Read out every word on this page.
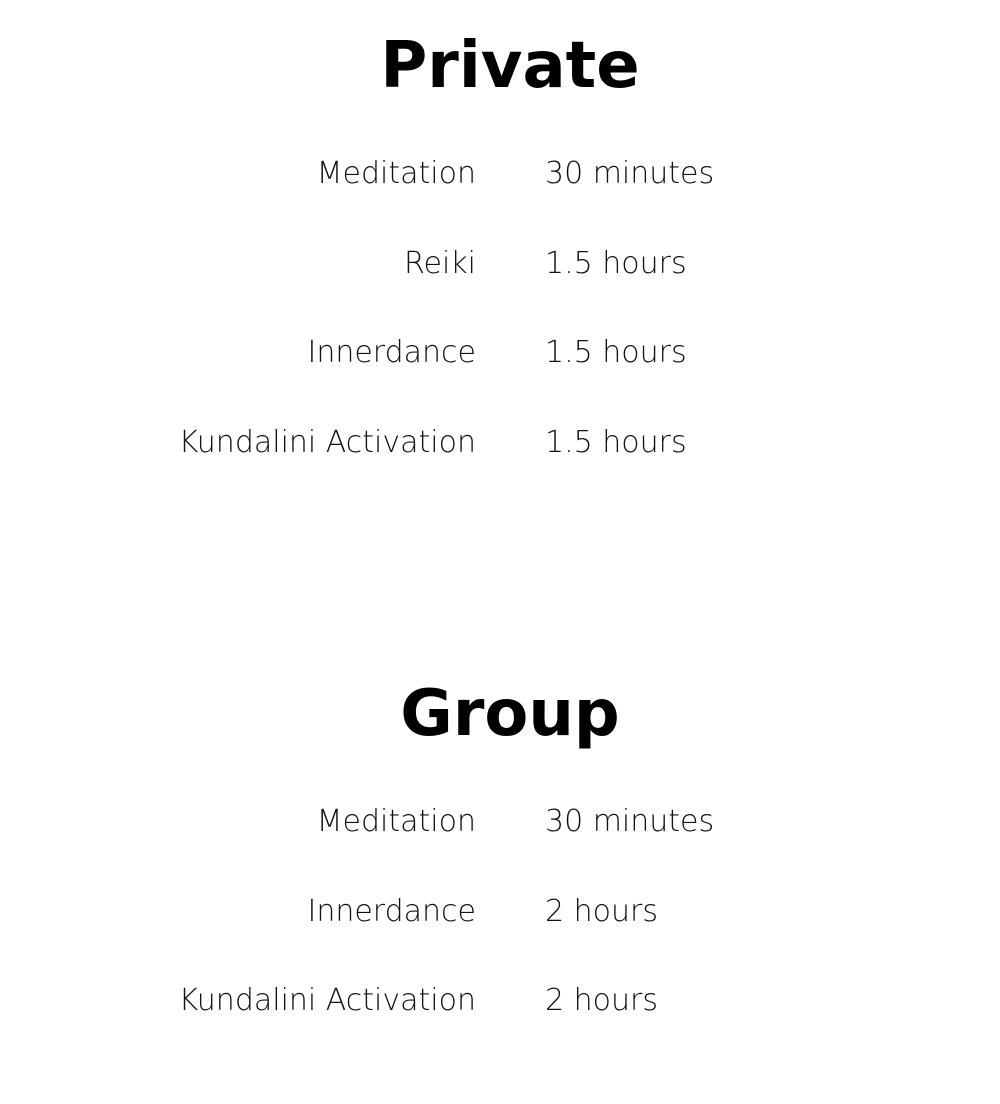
Private
Meditation 30 minutes
Reiki 1.5 hours
Innerdance 1.5 hours
Kundalini Activation 1.5 hours
Group
Meditation 30 minutes
Innerdance 2 hours
Kundalini Activation 2 hours
